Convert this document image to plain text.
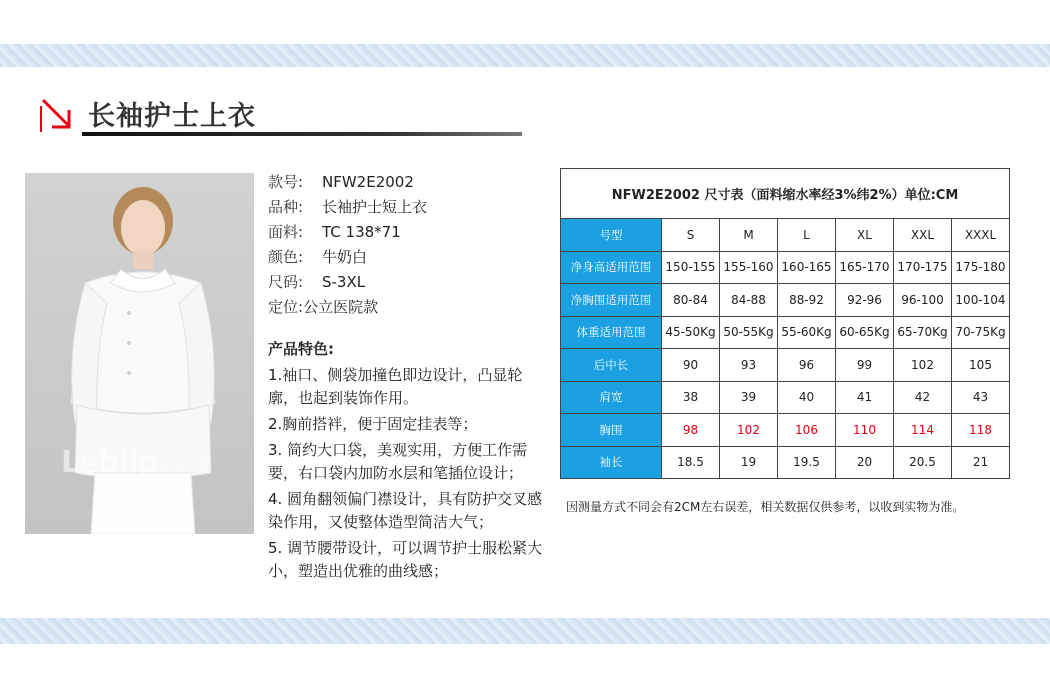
长袖护士上衣
Lebilp乐倍康
款号: NFW2E2002
品种: 长袖护士短上衣
面料: TC 138*71
颜色: 牛奶白
尺码: S-3XL
定位:公立医院款
产品特色:

1.袖口、侧袋加撞色即边设计，凸显轮廓，也起到装饰作用。

2.胸前搭袢，便于固定挂表等；

3. 简约大口袋，美观实用，方便工作需要，右口袋内加防水层和笔插位设计；

4. 圆角翻领偏门襟设计，具有防护交叉感染作用，又使整体造型简洁大气；

5. 调节腰带设计，可以调节护士服松紧大小，塑造出优雅的曲线感；

NFW2E2002 尺寸表（面料缩水率经3%纬2%）单位:CM						
号型	S	M	L	XL	XXL	XXXL
净身高适用范围	150-155	155-160	160-165	165-170	170-175	175-180
净胸围适用范围	80-84	84-88	88-92	92-96	96-100	100-104
体重适用范围	45-50Kg	50-55Kg	55-60Kg	60-65Kg	65-70Kg	70-75Kg
后中长	90	93	96	99	102	105
肩宽	38	39	40	41	42	43
胸围	98	102	106	110	114	118
袖长	18.5	19	19.5	20	20.5	21
因测量方式不同会有2CM左右误差，相关数据仅供参考，以收到实物为准。
